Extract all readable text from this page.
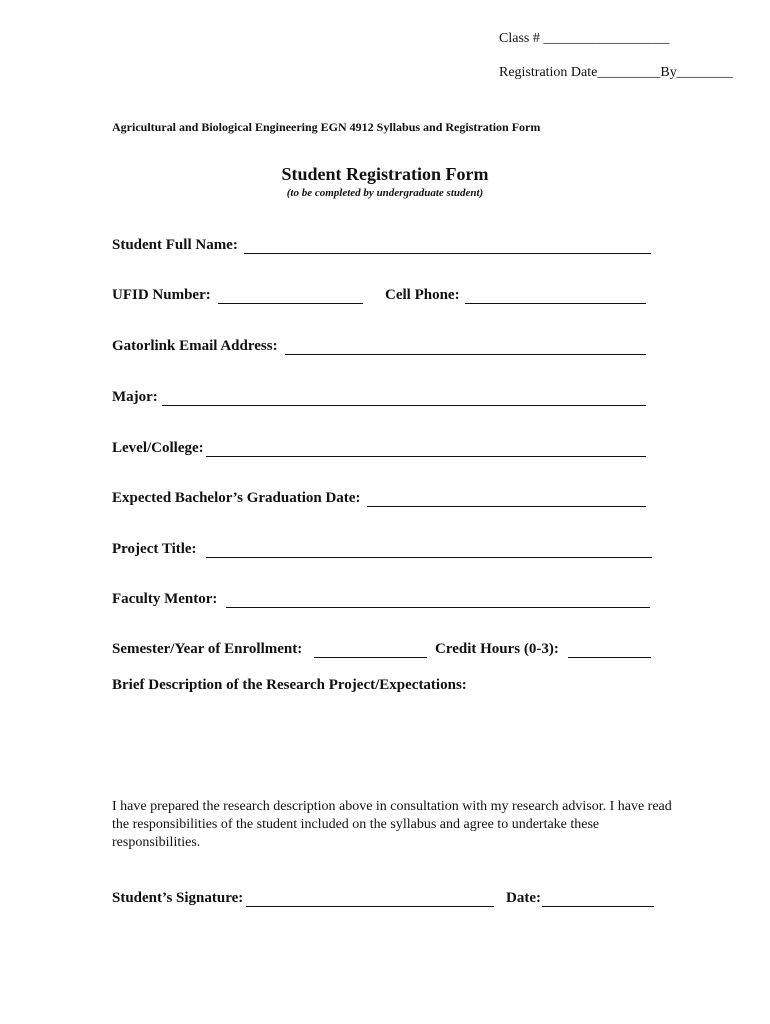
Class # __________________
Registration Date_________By________
Agricultural and Biological Engineering EGN 4912 Syllabus and Registration Form
Student Registration Form
(to be completed by undergraduate student)
Student Full Name:
UFID Number:	Cell Phone:
Gatorlink Email Address:
Major:
Level/College:
Expected Bachelor’s Graduation Date:
Project Title:
Faculty Mentor:
Semester/Year of Enrollment:	Credit Hours (0-3):
Brief Description of the Research Project/Expectations:
I have prepared the research description above in consultation with my research advisor. I have read the responsibilities of the student included on the syllabus and agree to undertake these responsibilities.
Student’s Signature:	Date:
